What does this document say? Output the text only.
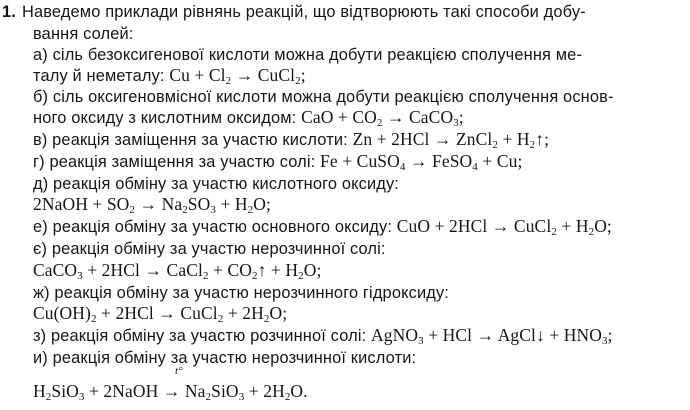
1. Наведемо приклади рівнянь реакцій, що відтворюють такі способи добу-
вання солей:
а) сіль безоксигенової кислоти можна добути реакцією сполучення ме-
талу й неметалу: $Cu + Cl_2$ → CuCl$_2$;
б) сіль оксигеновмісної кислоти можна добути реакцією сполучення основ-
ного оксиду з кислотним оксидом: CaO + $CO_2$ → CaCO$_3$;
в) реакція заміщення за участю кислоти: Zn + 2HCl → ZnCl$_2$ + $H_2↑$;
г) реакція заміщення за участю солі: Fe + CuSO$_4$ → FeSO$_4$ + Cu;
д) реакція обміну за участю кислотного оксиду:
2NaOH + $SO_2 \to Na_2SO_3 + H_2O$;
е) реакція обміну за участю основного оксиду: CuO + 2HCl → CuCl$_2$ + $H_2O$;
є) реакція обміну за участю нерозчинної солі:
CaCO$_3$ + 2HCl → CaCl$_2$ + $CO_2↑ + H_2O$;
ж) реакція обміну за участю нерозчинного гідроксиду:
$Cu(OH)_2 + 2HCl$ → CuCl$_2$ + $2H_2O$;
з) реакція обміну за участю розчинної солі: AgNO$_3$ + HCl → AgCl↓ + $HNO_3$;
и) реакція обміну за участю нерозчинної кислоти:
t°
$H_2SiO_3$ + 2NaOH → $Na_2SiO_3 + 2H_2O$.
